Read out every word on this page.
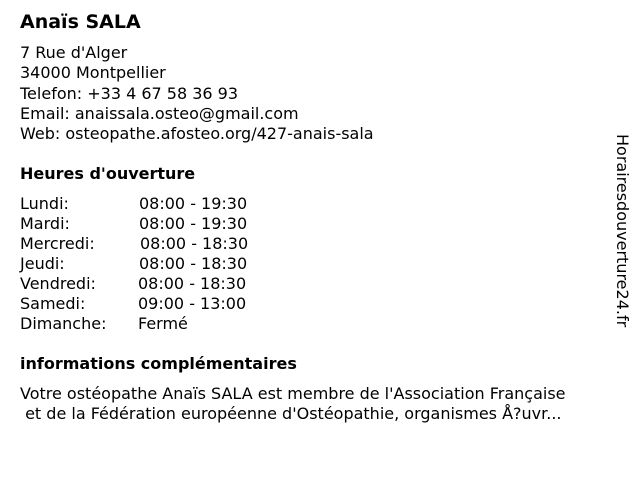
Anaïs SALA
7 Rue d'Alger
34000 Montpellier
Telefon: +33 4 67 58 36 93
Email: anaissala.osteo@gmail.com
Web: osteopathe.afosteo.org/427-anais-sala
Heures d'ouverture
Lundi:	08:00 - 19:30
Mardi:	08:00 - 19:30
Mercredi:	08:00 - 18:30
Jeudi:	08:00 - 18:30
Vendredi:	08:00 - 18:30
Samedi:	09:00 - 13:00
Dimanche: Fermé
informations complémentaires
Votre ostéopathe Anaïs SALA est membre de l'Association Française
et de la Fédération européenne d'Ostéopathie, organismes Å?uvr...
Horairesdouverture24.fr
